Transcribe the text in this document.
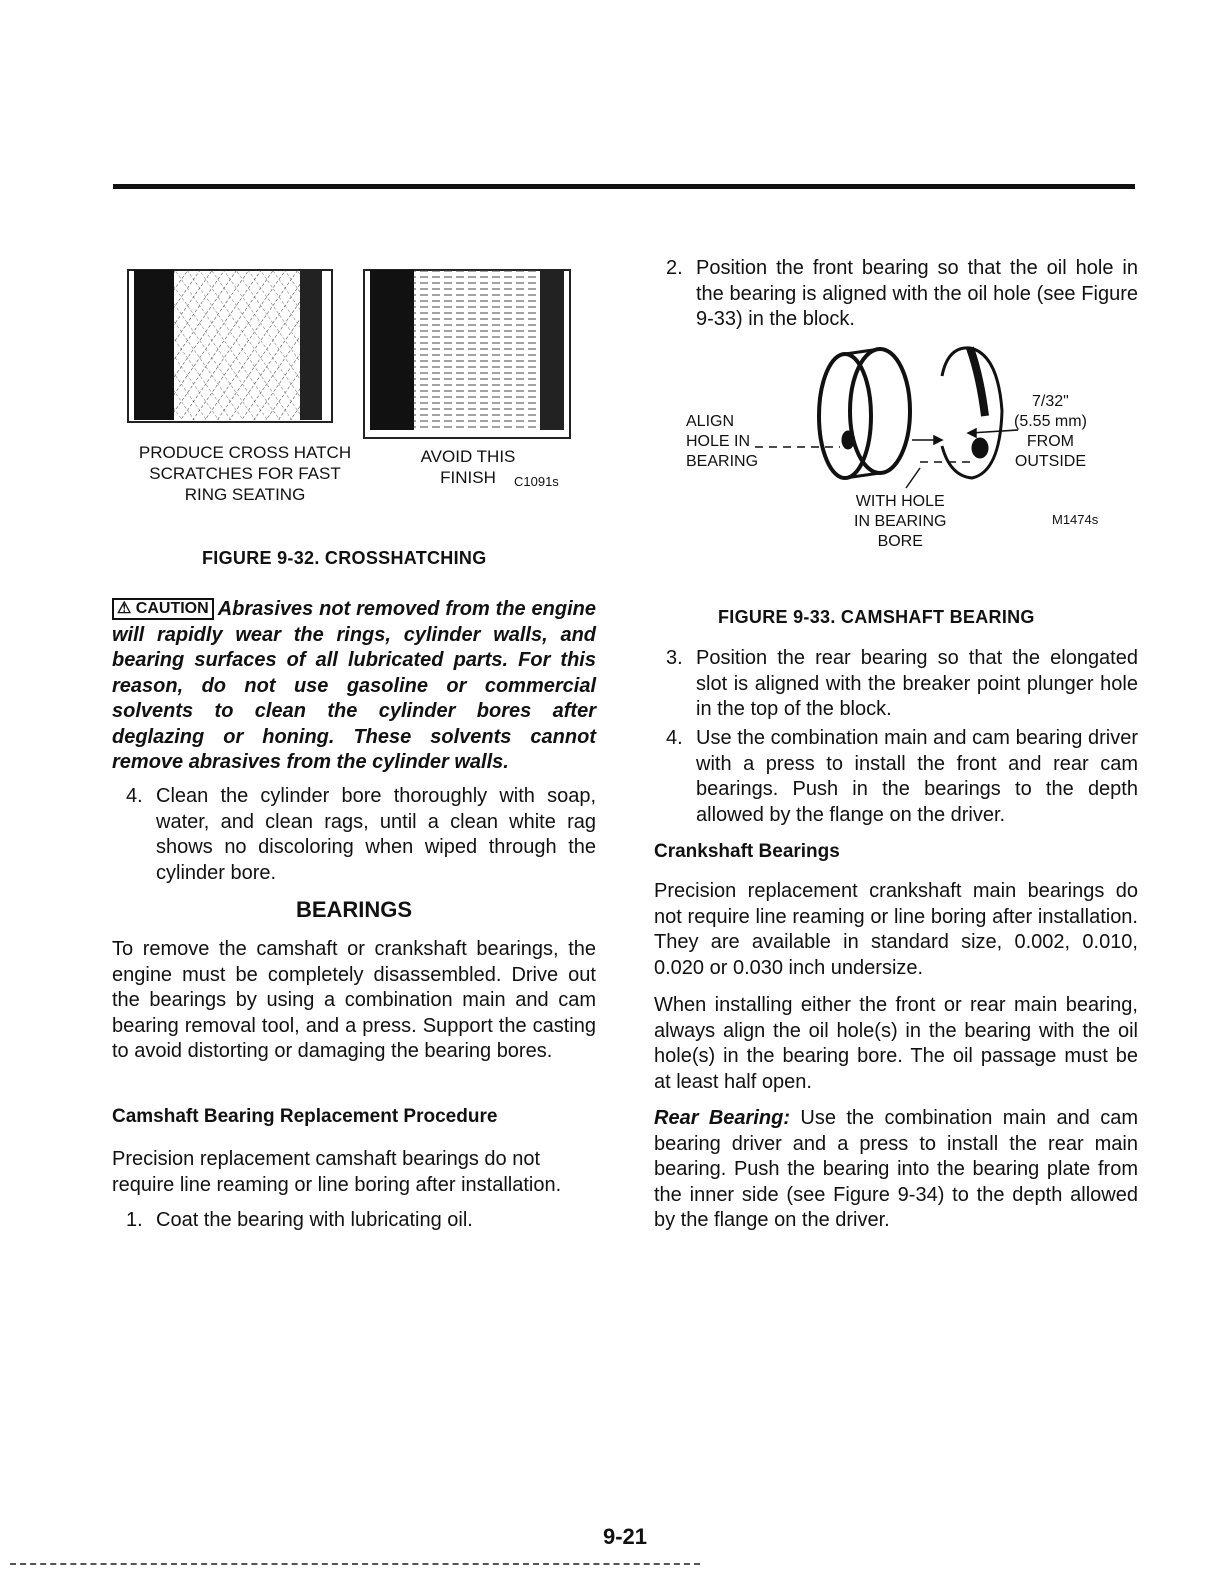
PRODUCE CROSS HATCH SCRATCHES FOR FAST RING SEATING
AVOID THIS FINISH	C1091s
FIGURE 9-32. CROSSHATCHING
⚠ CAUTION Abrasives not removed from the engine will rapidly wear the rings, cylinder walls, and bearing surfaces of all lubricated parts. For this reason, do not use gasoline or commercial solvents to clean the cylinder bores after deglazing or honing. These solvents cannot remove abrasives from the cylinder walls.
4. Clean the cylinder bore thoroughly with soap, water, and clean rags, until a clean white rag shows no discoloring when wiped through the cylinder bore.
BEARINGS
To remove the camshaft or crankshaft bearings, the engine must be completely disassembled. Drive out the bearings by using a combination main and cam bearing removal tool, and a press. Support the casting to avoid distorting or damaging the bearing bores.
Camshaft Bearing Replacement Procedure
Precision replacement camshaft bearings do not require line reaming or line boring after installation.
1. Coat the bearing with lubricating oil.
2. Position the front bearing so that the oil hole in the bearing is aligned with the oil hole (see Figure 9-33) in the block.
ALIGN
HOLE IN
BEARING
7/32"
(5.55 mm)
FROM
OUTSIDE
WITH HOLE
IN BEARING
BORE
M1474s
FIGURE 9-33. CAMSHAFT BEARING
3. Position the rear bearing so that the elongated slot is aligned with the breaker point plunger hole in the top of the block.
4. Use the combination main and cam bearing driver with a press to install the front and rear cam bearings. Push in the bearings to the depth allowed by the flange on the driver.
Crankshaft Bearings
Precision replacement crankshaft main bearings do not require line reaming or line boring after installation. They are available in standard size, 0.002, 0.010, 0.020 or 0.030 inch undersize.
When installing either the front or rear main bearing, always align the oil hole(s) in the bearing with the oil hole(s) in the bearing bore. The oil passage must be at least half open.
Rear Bearing: Use the combination main and cam bearing driver and a press to install the rear main bearing. Push the bearing into the bearing plate from the inner side (see Figure 9-34) to the depth allowed by the flange on the driver.
9-21
